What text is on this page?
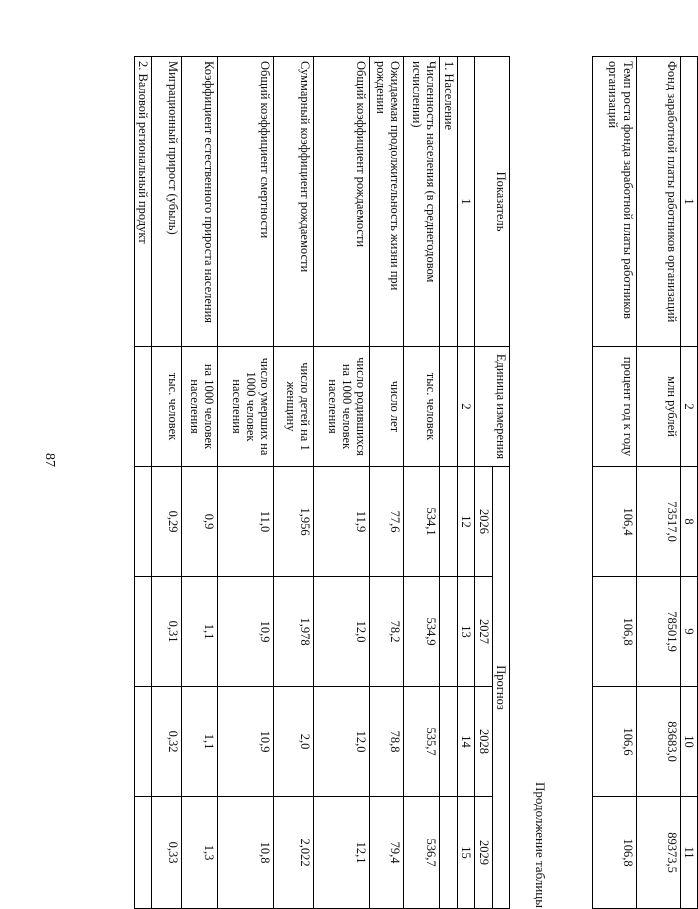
87
1	2	8	9	10	11
Фонд заработной платы работников организаций	млн рублей	73517,0	78501,9	83683,0	89373,5
Темп роста фонда заработной платы работников организаций	процент год к году	106,4	106,8	106,6	106,8
Продолжение таблицы
Показатель	Единица измерения	Прогноз			
		2026	2027	2028	2029
1	2	12	13	14	15
1. Население					
Численность населения (в среднегодовом исчислении)	тыс. человек	534,1	534,9	535,7	536,7
Ожидаемая продолжительность жизни при рождении	число лет	77,6	78,2	78,8	79,4
Общий коэффициент рождаемости	число родившихся на 1000 человек населения	11,9	12,0	12,0	12,1
Суммарный коэффициент рождаемости	число детей на 1 женщину	1,956	1,978	2,0	2,022
Общий коэффициент смертности	число умерших на 1000 человек населения	11,0	10,9	10,9	10,8
Коэффициент естественного прироста населения	на 1000 человек населения	0,9	1,1	1,1	1,3
Миграционный прирост (убыль)	тыс. человек	0,29	0,31	0,32	0,33
2. Валовой региональный продукт					
